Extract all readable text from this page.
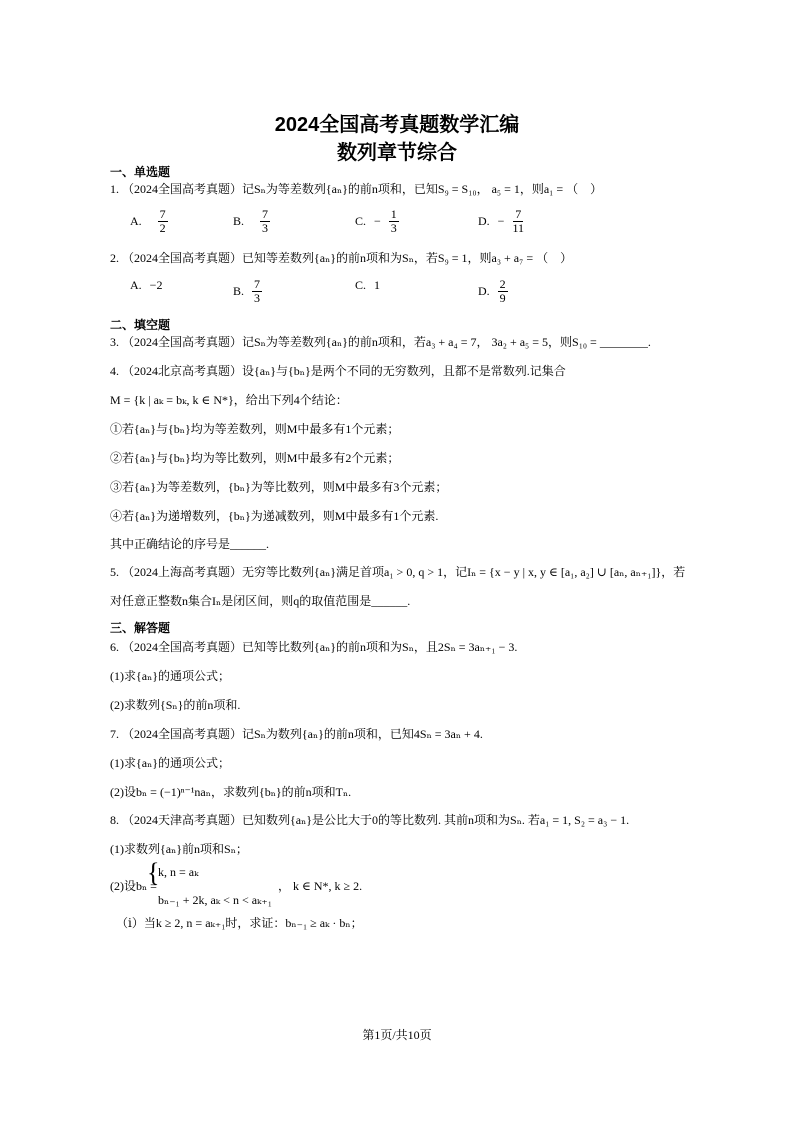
2024全国高考真题数学汇编
数列章节综合
一、单选题
1. （2024全国高考真题）记Sₙ为等差数列{aₙ}的前n项和，已知S₉ = S₁₀， a₅ = 1，则a₁ = （　）
A. $\frac{7}{2}$	B. $\frac{7}{3}$	C. − $\frac{1}{3}$	D. − $\frac{7}{11}$
2. （2024全国高考真题）已知等差数列{aₙ}的前n项和为Sₙ，若S₉ = 1，则a₃ + a₇ = （　）
A. −2	B. $\frac{7}{3}$	C. 1	D. $\frac{2}{9}$
二、填空题
3. （2024全国高考真题）记Sₙ为等差数列{aₙ}的前n项和，若a₃ + a₄ = 7， 3a₂ + a₅ = 5，则S₁₀ = ________.
4. （2024北京高考真题）设{aₙ}与{bₙ}是两个不同的无穷数列，且都不是常数列.记集合
M = {k | aₖ = bₖ, k ∈ N*}，给出下列4个结论：
①若{aₙ}与{bₙ}均为等差数列，则M中最多有1个元素；
②若{aₙ}与{bₙ}均为等比数列，则M中最多有2个元素；
③若{aₙ}为等差数列，{bₙ}为等比数列，则M中最多有3个元素；
④若{aₙ}为递增数列，{bₙ}为递减数列，则M中最多有1个元素.
其中正确结论的序号是______.
5. （2024上海高考真题）无穷等比数列{aₙ}满足首项a₁ > 0, q > 1，记Iₙ = {x − y | x, y ∈ [a₁, a₂] ∪ [aₙ, aₙ₊₁]}，若
对任意正整数n集合Iₙ是闭区间，则q的取值范围是______.
三、解答题
6. （2024全国高考真题）已知等比数列{aₙ}的前n项和为Sₙ，且2Sₙ = 3aₙ₊₁ − 3.
(1)求{aₙ}的通项公式；
(2)求数列{Sₙ}的前n项和.
7. （2024全国高考真题）记Sₙ为数列{aₙ}的前n项和，已知4Sₙ = 3aₙ + 4.
(1)求{aₙ}的通项公式；
(2)设bₙ = (−1)ⁿ⁻¹naₙ，求数列{bₙ}的前n项和Tₙ.
8. （2024天津高考真题）已知数列{aₙ}是公比大于0的等比数列. 其前n项和为Sₙ. 若a₁ = 1, S₂ = a₃ − 1.
(1)求数列{aₙ}前n项和Sₙ；
(2)设bₙ =
{
k, n = aₖ
bₙ₋₁ + 2k, aₖ < n < aₖ₊₁
， k ∈ N*, k ≥ 2.
（ⅰ）当k ≥ 2, n = aₖ₊₁时，求证：bₙ₋₁ ≥ aₖ · bₙ；
第1页/共10页
